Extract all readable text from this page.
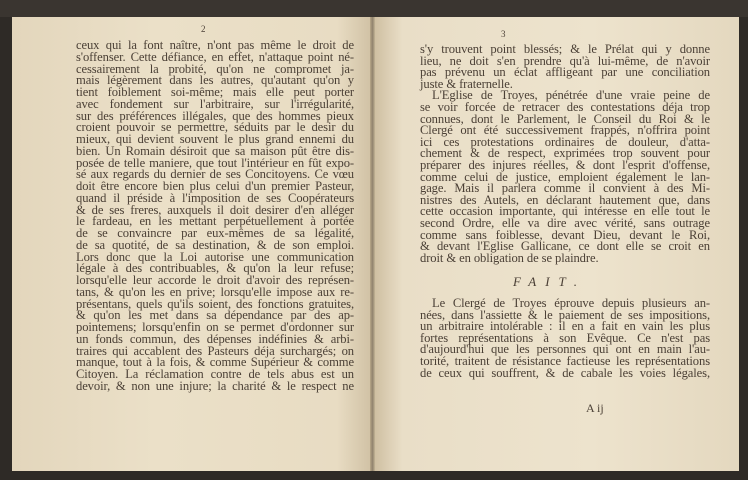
2
ceux qui la font naître, n'ont pas même le droit de
s'offenser. Cette défiance, en effet, n'attaque point né-
cessairement la probité, qu'on ne compromet ja-
mais légèrement dans les autres, qu'autant qu'on y
tient foiblement soi-même; mais elle peut porter
avec fondement sur l'arbitraire, sur l'irrégularité,
sur des préférences illégales, que des hommes pieux
croient pouvoir se permettre, séduits par le desir du
mieux, qui devient souvent le plus grand ennemi du
bien. Un Romain désiroit que sa maison pût être dis-
posée de telle maniere, que tout l'intérieur en fût expo-
sé aux regards du dernier de ses Concitoyens. Ce vœu
doit être encore bien plus celui d'un premier Pasteur,
quand il préside à l'imposition de ses Coopérateurs
& de ses freres, auxquels il doit desirer d'en alléger
le fardeau, en les mettant perpétuellement à portée
de se convaincre par eux-mêmes de sa légalité,
de sa quotité, de sa destination, & de son emploi.
Lors donc que la Loi autorise une communication
légale à des contribuables, & qu'on la leur refuse;
lorsqu'elle leur accorde le droit d'avoir des représen-
tans, & qu'on les en prive; lorsqu'elle impose aux re-
présentans, quels qu'ils soient, des fonctions gratuites,
& qu'on les met dans sa dépendance par des ap-
pointemens; lorsqu'enfin on se permet d'ordonner sur
un fonds commun, des dépenses indéfinies & arbi-
traires qui accablent des Pasteurs déja surchargés; on
manque, tout à la fois, & comme Supérieur & comme
Citoyen. La réclamation contre de tels abus est un
devoir, & non une injure; la charité & le respect ne
3
s'y trouvent point blessés; & le Prélat qui y donne
lieu, ne doit s'en prendre qu'à lui-même, de n'avoir
pas prévenu un éclat affligeant par une conciliation
juste & fraternelle.
L'Eglise de Troyes, pénétrée d'une vraie peine de
se voir forcée de retracer des contestations déja trop
connues, dont le Parlement, le Conseil du Roi & le
Clergé ont été successivement frappés, n'offrira point
ici ces protestations ordinaires de douleur, d'atta-
chement & de respect, exprimées trop souvent pour
préparer des injures réelles, & dont l'esprit d'offense,
comme celui de justice, emploient également le lan-
gage. Mais il parlera comme il convient à des Mi-
nistres des Autels, en déclarant hautement que, dans
cette occasion importante, qui intéresse en elle tout le
second Ordre, elle va dire avec vérité, sans outrage
comme sans foiblesse, devant Dieu, devant le Roi,
& devant l'Eglise Gallicane, ce dont elle se croit en
droit & en obligation de se plaindre.
Le Clergé de Troyes éprouve depuis plusieurs an-
nées, dans l'assiette & le paiement de ses impositions,
un arbitraire intolérable : il en a fait en vain les plus
fortes représentations à son Evêque. Ce n'est pas
d'aujourd'hui que les personnes qui ont en main l'au-
torité, traitent de résistance factieuse les représentations
de ceux qui souffrent, & de cabale les voies légales,
FAIT.
A ij
